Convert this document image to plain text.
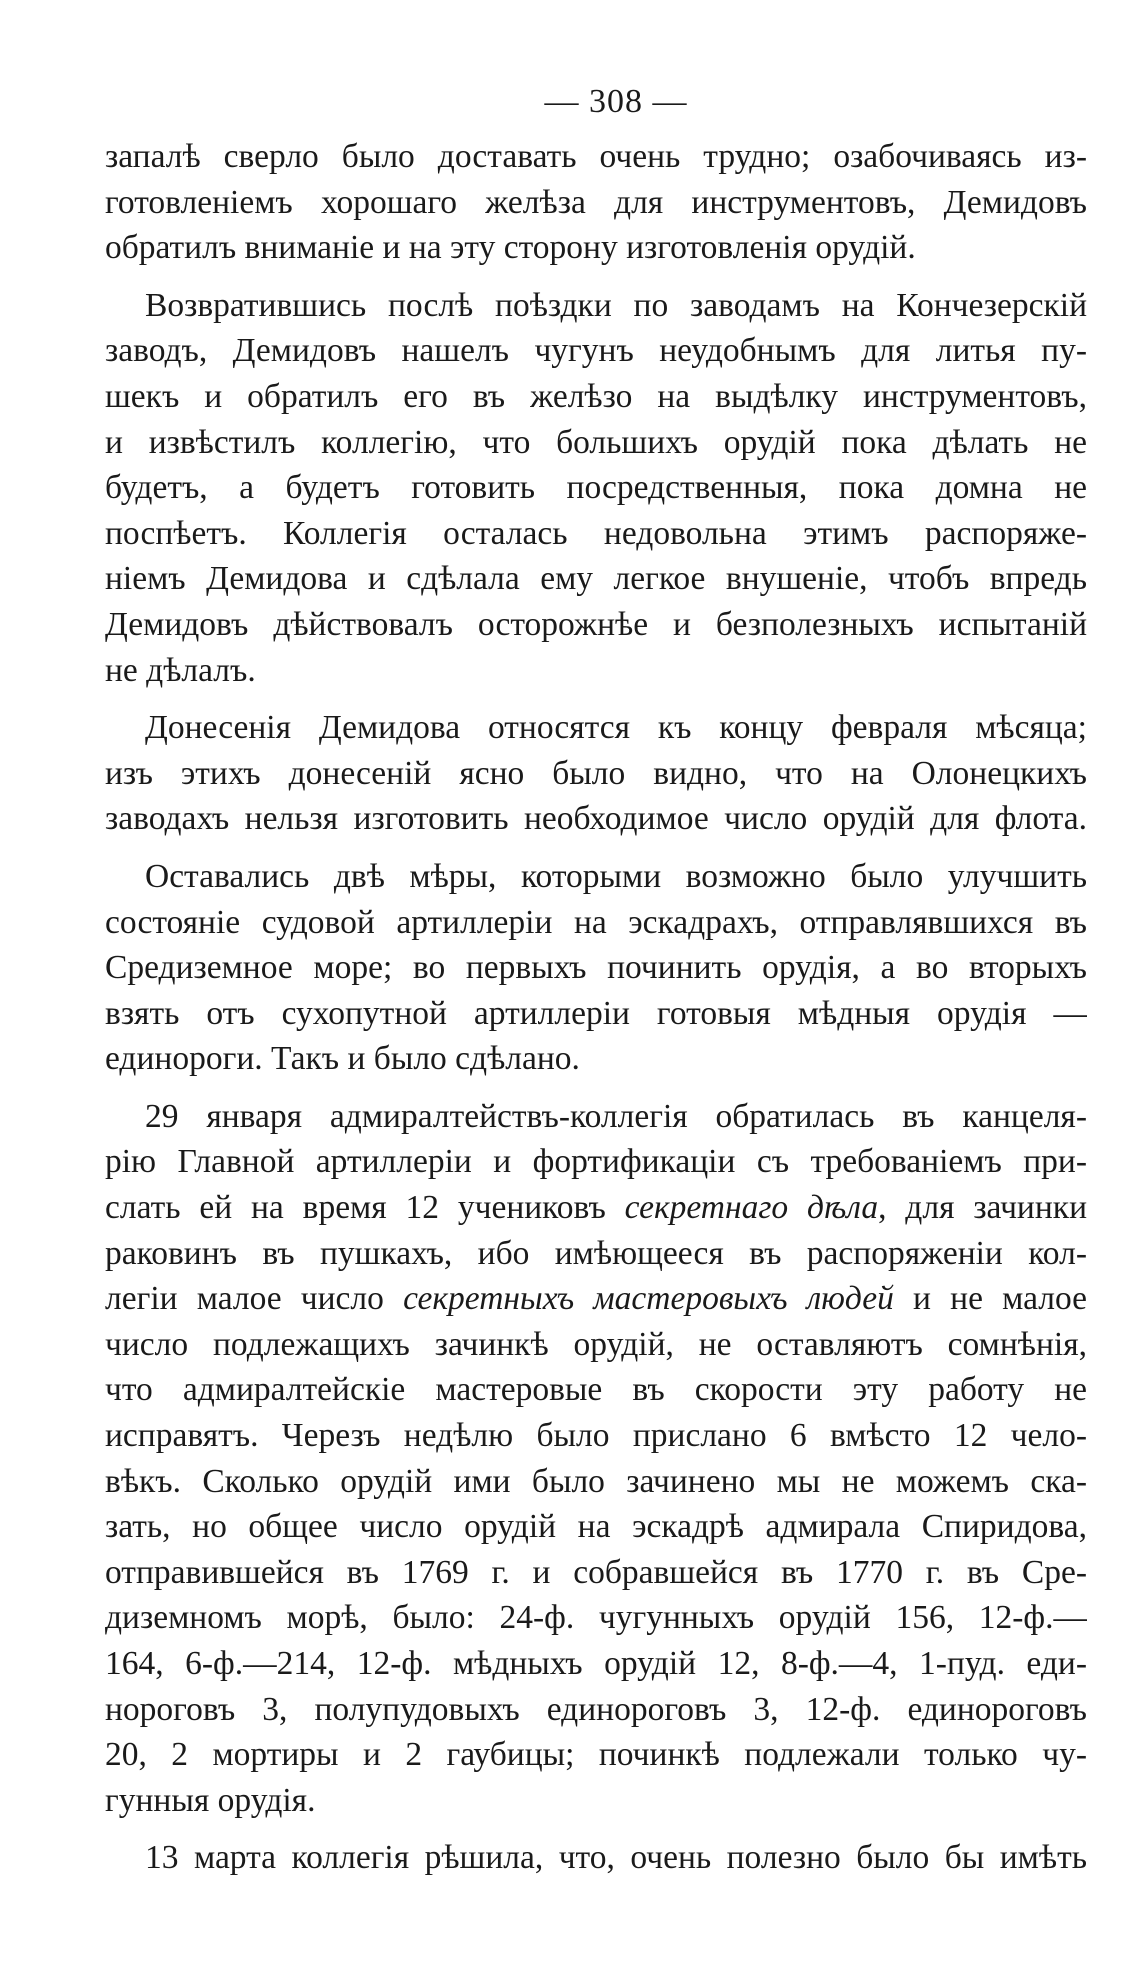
— 308 —
запалѣ сверло было доставать очень трудно; озабочиваясь из-
готовленіемъ хорошаго желѣза для инструментовъ, Демидовъ
обратилъ вниманіе и на эту сторону изготовленія орудій.
Возвратившись послѣ поѣздки по заводамъ на Кончезерскій
заводъ, Демидовъ нашелъ чугунъ неудобнымъ для литья пу-
шекъ и обратилъ его въ желѣзо на выдѣлку инструментовъ,
и извѣстилъ коллегію, что большихъ орудій пока дѣлать не
будетъ, а будетъ готовить посредственныя, пока домна не
поспѣетъ. Коллегія осталась недовольна этимъ распоряже-
ніемъ Демидова и сдѣлала ему легкое внушеніе, чтобъ впредь
Демидовъ дѣйствовалъ осторожнѣе и безполезныхъ испытаній
не дѣлалъ.
Донесенія Демидова относятся къ концу февраля мѣсяца;
изъ этихъ донесеній ясно было видно, что на Олонецкихъ
заводахъ нельзя изготовить необходимое число орудій для флота.
Оставались двѣ мѣры, которыми возможно было улучшить
состояніе судовой артиллеріи на эскадрахъ, отправлявшихся въ
Средиземное море; во первыхъ починить орудія, а во вторыхъ
взять отъ сухопутной артиллеріи готовыя мѣдныя орудія —
единороги. Такъ и было сдѣлано.
29 января адмиралтействъ-коллегія обратилась въ канцеля-
рію Главной артиллеріи и фортификаціи съ требованіемъ при-
слать ей на время 12 учениковъ секретнаго дѣла, для зачинки
раковинъ въ пушкахъ, ибо имѣющееся въ распоряженіи кол-
легіи малое число секретныхъ мастеровыхъ людей и не малое
число подлежащихъ зачинкѣ орудій, не оставляютъ сомнѣнія,
что адмиралтейскіе мастеровые въ скорости эту работу не
исправятъ. Черезъ недѣлю было прислано 6 вмѣсто 12 чело-
вѣкъ. Сколько орудій ими было зачинено мы не можемъ ска-
зать, но общее число орудій на эскадрѣ адмирала Спиридова,
отправившейся въ 1769 г. и собравшейся въ 1770 г. въ Сре-
диземномъ морѣ, было: 24-ф. чугунныхъ орудій 156, 12-ф.—
164, 6-ф.—214, 12-ф. мѣдныхъ орудій 12, 8-ф.—4, 1-пуд. еди-
нороговъ 3, полупудовыхъ единороговъ 3, 12-ф. единороговъ
20, 2 мортиры и 2 гаубицы; починкѣ подлежали только чу-
гунныя орудія.
13 марта коллегія рѣшила, что, очень полезно было бы имѣть
